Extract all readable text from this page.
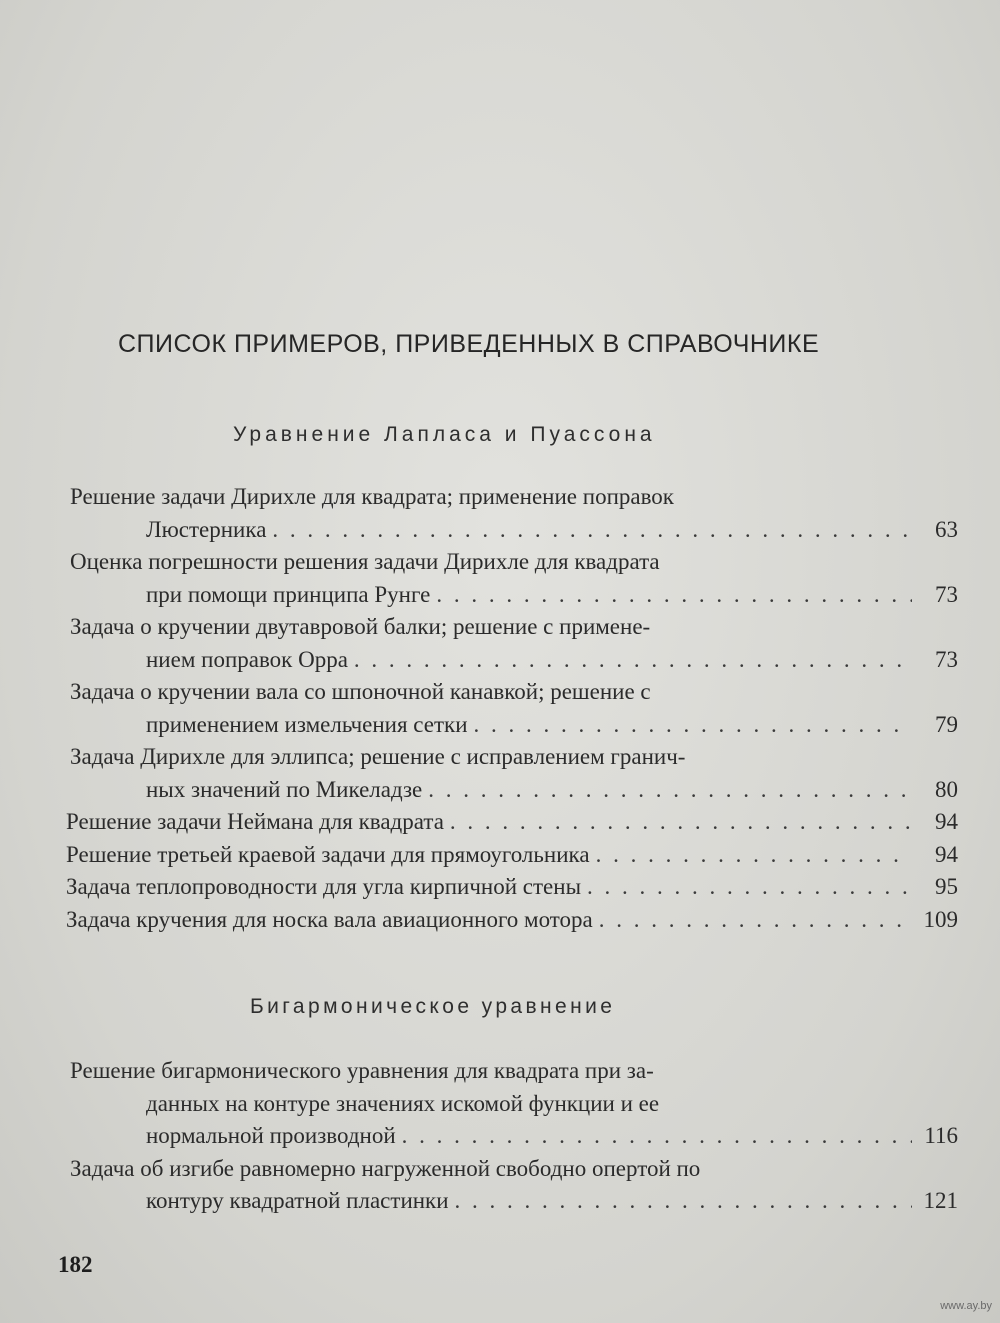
СПИСОК ПРИМЕРОВ, ПРИВЕДЕННЫХ В СПРАВОЧНИКЕ
Уравнение Лапласа и Пуассона
Решение задачи Дирихле для квадрата; применение поправок
Люстерника . . .	63
Оценка погрешности решения задачи Дирихле для квадрата
при помощи принципа Рунге . . .	73
Задача о кручении двутавровой балки; решение с примене-
нием поправок Орра . . .	73
Задача о кручении вала со шпоночной канавкой; решение с
применением измельчения сетки . . .	79
Задача Дирихле для эллипса; решение с исправлением гранич-
ных значений по Микеладзе . . .	80
Решение задачи Неймана для квадрата . . .	94
Решение третьей краевой задачи для прямоугольника . . .	94
Задача теплопроводности для угла кирпичной стены . . .	95
Задача кручения для носка вала авиационного мотора . . .	109
Бигармоническое уравнение
Решение бигармонического уравнения для квадрата при за-
данных на контуре значениях искомой функции и ее
нормальной производной . . .	116
Задача об изгибе равномерно нагруженной свободно опертой по
контуру квадратной пластинки . . .	121
182
www.ay.by
